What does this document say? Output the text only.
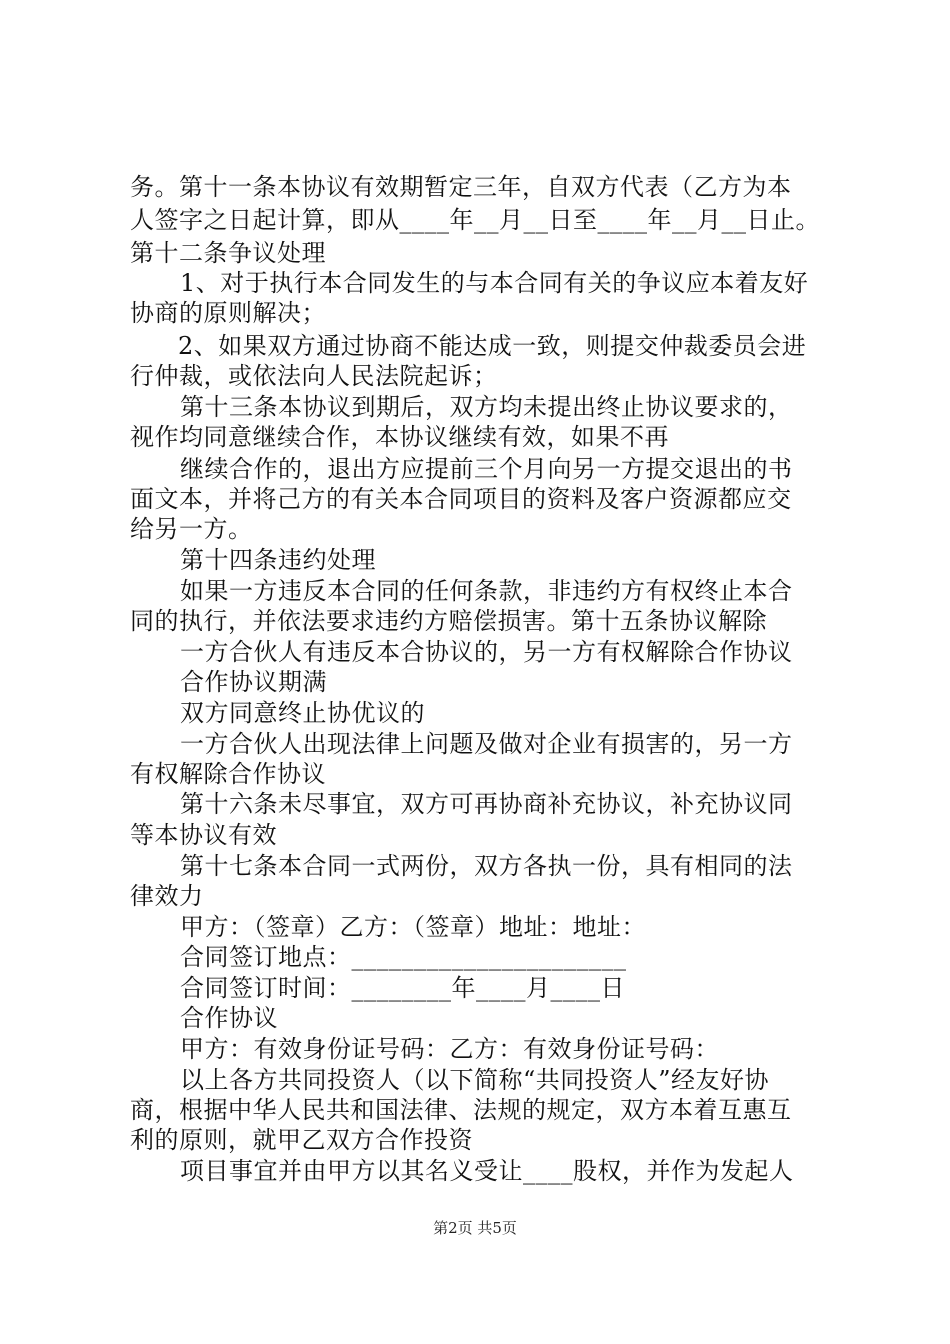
务。第十一条本协议有效期暂定三年，自双方代表（乙方为本
人签字之日起计算，即从____年__月__日至____年__月__日止。
第十二条争议处理
1、对于执行本合同发生的与本合同有关的争议应本着友好
协商的原则解决；
2、如果双方通过协商不能达成一致，则提交仲裁委员会进
行仲裁，或依法向人民法院起诉；
第十三条本协议到期后，双方均未提出终止协议要求的，
视作均同意继续合作，本协议继续有效，如果不再
继续合作的，退出方应提前三个月向另一方提交退出的书
面文本，并将己方的有关本合同项目的资料及客户资源都应交
给另一方。
第十四条违约处理
如果一方违反本合同的任何条款，非违约方有权终止本合
同的执行，并依法要求违约方赔偿损害。第十五条协议解除
一方合伙人有违反本合协议的，另一方有权解除合作协议
合作协议期满
双方同意终止协优议的
一方合伙人出现法律上问题及做对企业有损害的，另一方
有权解除合作协议
第十六条未尽事宜，双方可再协商补充协议，补充协议同
等本协议有效
第十七条本合同一式两份，双方各执一份，具有相同的法
律效力
甲方：（签章）乙方：（签章）地址：地址：
合同签订地点：______________________
合同签订时间：________年____月____日
合作协议
甲方：有效身份证号码：乙方：有效身份证号码：
以上各方共同投资人（以下简称“共同投资人”经友好协
商，根据中华人民共和国法律、法规的规定，双方本着互惠互
利的原则，就甲乙双方合作投资
项目事宜并由甲方以其名义受让____股权，并作为发起人
第2页 共5页
